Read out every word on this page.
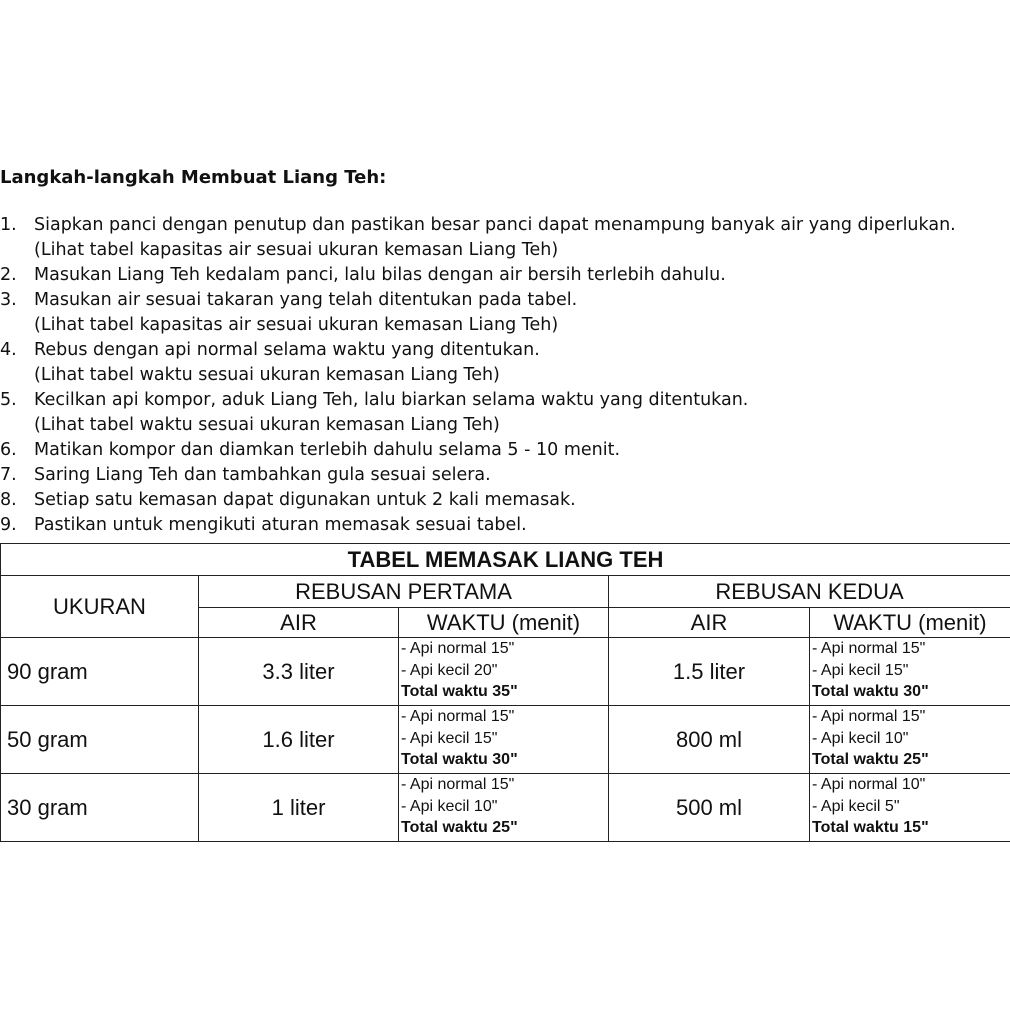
Langkah-langkah Membuat Liang Teh:
1. Siapkan panci dengan penutup dan pastikan besar panci dapat menampung banyak air yang diperlukan.
(Lihat tabel kapasitas air sesuai ukuran kemasan Liang Teh)
2. Masukan Liang Teh kedalam panci, lalu bilas dengan air bersih terlebih dahulu.
3. Masukan air sesuai takaran yang telah ditentukan pada tabel.
(Lihat tabel kapasitas air sesuai ukuran kemasan Liang Teh)
4. Rebus dengan api normal selama waktu yang ditentukan.
(Lihat tabel waktu sesuai ukuran kemasan Liang Teh)
5. Kecilkan api kompor, aduk Liang Teh, lalu biarkan selama waktu yang ditentukan.
(Lihat tabel waktu sesuai ukuran kemasan Liang Teh)
6. Matikan kompor dan diamkan terlebih dahulu selama 5 - 10 menit.
7. Saring Liang Teh dan tambahkan gula sesuai selera.
8. Setiap satu kemasan dapat digunakan untuk 2 kali memasak.
9. Pastikan untuk mengikuti aturan memasak sesuai tabel.
TABEL MEMASAK LIANG TEH				
UKURAN	REBUSAN PERTAMA		REBUSAN KEDUA	
	AIR	WAKTU (menit)	AIR	WAKTU (menit)
90 gram	3.3 liter	- Api normal 15"
- Api kecil 20"
Total waktu 35"	1.5 liter	- Api normal 15"
- Api kecil 15"
Total waktu 30"

50 gram	1.6 liter	- Api normal 15"
- Api kecil 15"
Total waktu 30"	800 ml	- Api normal 15"
- Api kecil 10"
Total waktu 25"

30 gram	1 liter	- Api normal 15"
- Api kecil 10"
Total waktu 25"	500 ml	- Api normal 10"
- Api kecil 5"
Total waktu 15"
